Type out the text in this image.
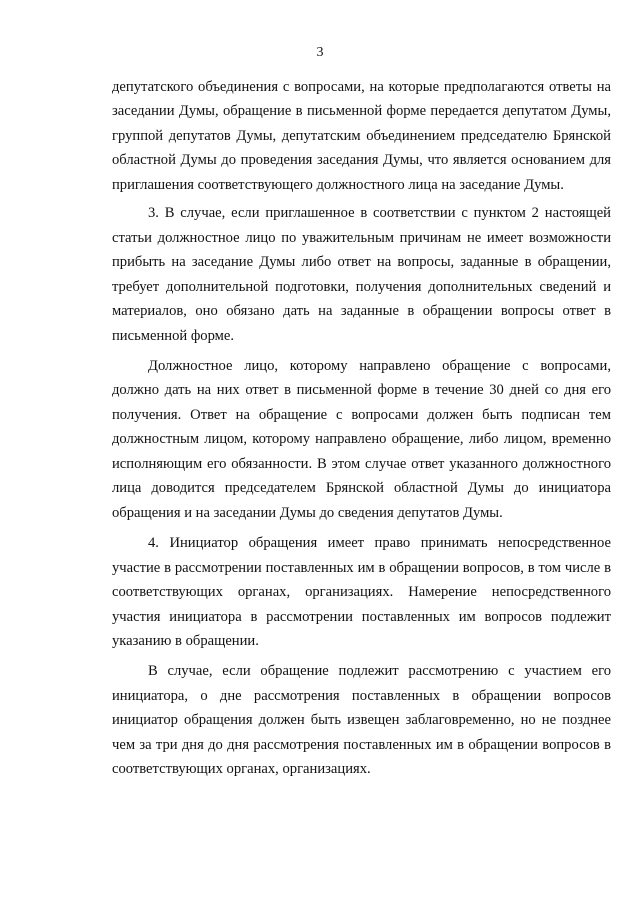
3

депутатского объединения с вопросами, на которые предполагаются ответы на заседании Думы, обращение в письменной форме передается депутатом Думы, группой депутатов Думы, депутатским объединением председателю Брянской областной Думы до проведения заседания Думы, что является основанием для приглашения соответствующего должностного лица на заседание Думы.

3. В случае, если приглашенное в соответствии с пунктом 2 настоящей статьи должностное лицо по уважительным причинам не имеет возможности прибыть на заседание Думы либо ответ на вопросы, заданные в обращении, требует дополнительной подготовки, получения дополнительных сведений и материалов, оно обязано дать на заданные в обращении вопросы ответ в письменной форме.

Должностное лицо, которому направлено обращение с вопросами, должно дать на них ответ в письменной форме в течение 30 дней со дня его получения. Ответ на обращение с вопросами должен быть подписан тем должностным лицом, которому направлено обращение, либо лицом, временно исполняющим его обязанности. В этом случае ответ указанного должностного лица доводится председателем Брянской областной Думы до инициатора обращения и на заседании Думы до сведения депутатов Думы.

4. Инициатор обращения имеет право принимать непосредственное участие в рассмотрении поставленных им в обращении вопросов, в том числе в соответствующих органах, организациях. Намерение непосредственного участия инициатора в рассмотрении поставленных им вопросов подлежит указанию в обращении.

В случае, если обращение подлежит рассмотрению с участием его инициатора, о дне рассмотрения поставленных в обращении вопросов инициатор обращения должен быть извещен заблаговременно, но не позднее чем за три дня до дня рассмотрения поставленных им в обращении вопросов в соответствующих органах, организациях.
